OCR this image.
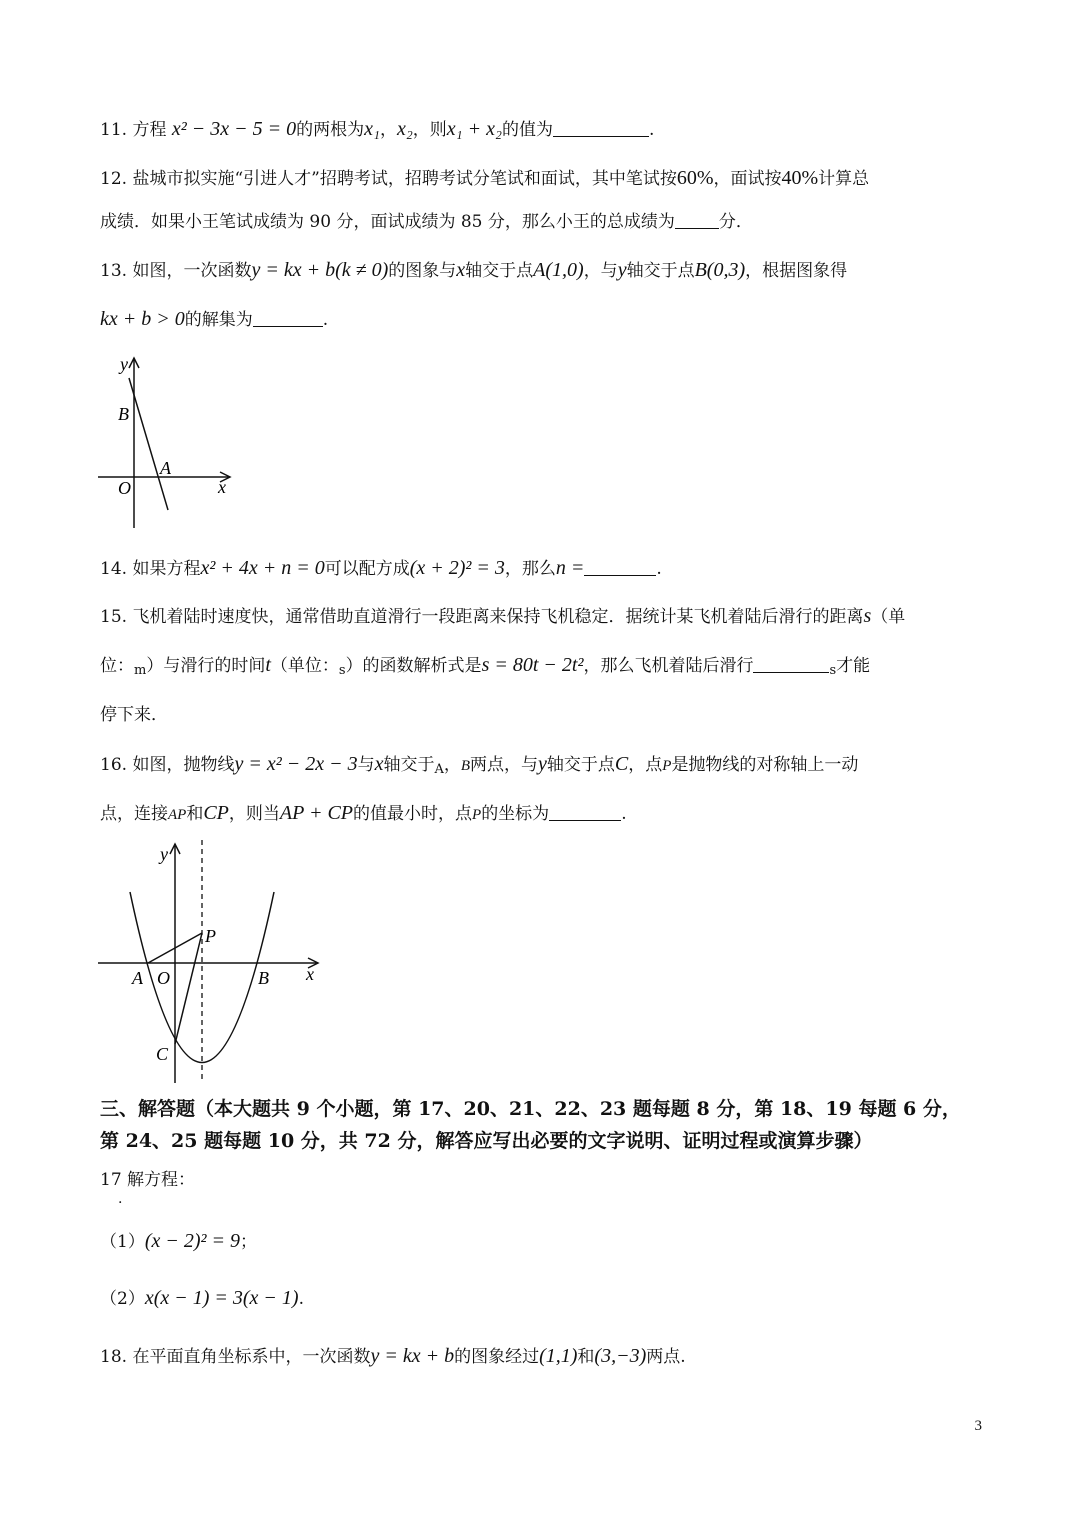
11. 方程 x² − 3x − 5 = 0的两根为x₁，x₂，则x₁ + x₂的值为	.
12. 盐城市拟实施“引进人才”招聘考试，招聘考试分笔试和面试，其中笔试按60%，面试按40%计算总
成绩．如果小王笔试成绩为 90 分，面试成绩为 85 分，那么小王的总成绩为	分．
13. 如图，一次函数y = kx + b(k ≠ 0)的图象与x轴交于点A(1,0)，与y轴交于点B(0,3)，根据图象得
kx + b > 0的解集为	.
y
x
O
A
B
14. 如果方程x² + 4x + n = 0可以配方成(x + 2)² = 3，那么n =	.
15. 飞机着陆时速度快，通常借助直道滑行一段距离来保持飞机稳定．据统计某飞机着陆后滑行的距离s（单
位：m）与滑行的时间t（单位：s）的函数解析式是s = 80t − 2t²，那么飞机着陆后滑行	s才能
停下来．
16. 如图，抛物线y = x² − 2x − 3与x轴交于A，B两点，与y轴交于点C，点P是抛物线的对称轴上一动
点，连接AP和CP，则当AP + CP的值最小时，点P的坐标为	.
y
x
O
A	B
C
P
三、解答题（本大题共 9 个小题，第 17、20、21、22、23 题每题 8 分，第 18、19 每题 6 分，
第 24、25 题每题 10 分，共 72 分，解答应写出必要的文字说明、证明过程或演算步骤）
17 解方程：
.
（1）(x − 2)² = 9；
（2）x(x − 1) = 3(x − 1).
18. 在平面直角坐标系中，一次函数y = kx + b的图象经过(1,1)和(3,−3)两点.
3
